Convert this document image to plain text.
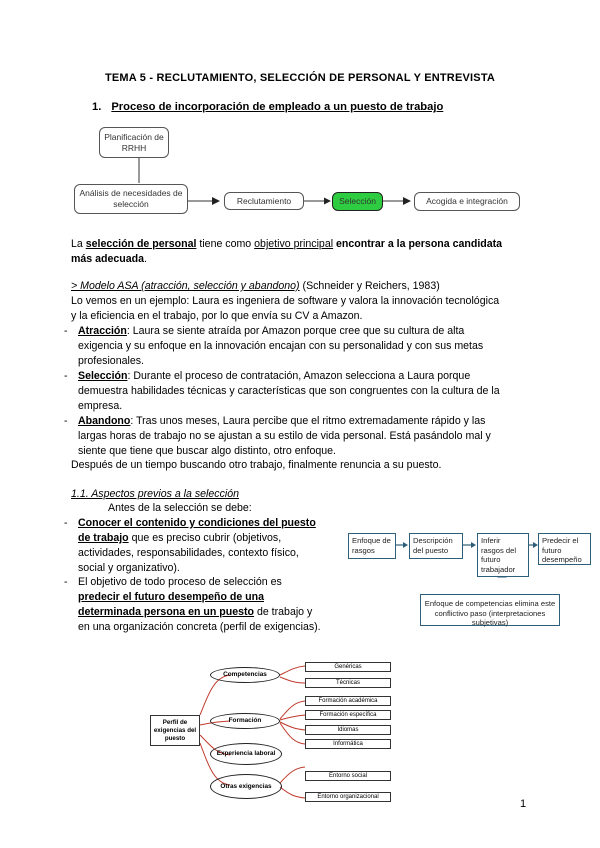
TEMA 5 - RECLUTAMIENTO, SELECCIÓN DE PERSONAL Y ENTREVISTA
1. Proceso de incorporación de empleado a un puesto de trabajo
Planificación de RRHH
Análisis de necesidades de selección	Reclutamiento	Selección	Acogida e integración
La selección de personal tiene como objetivo principal encontrar a la persona candidata
más adecuada.
> Modelo ASA (atracción, selección y abandono) (Schneider y Reichers, 1983)
Lo vemos en un ejemplo: Laura es ingeniera de software y valora la innovación tecnológica
y la eficiencia en el trabajo, por lo que envía su CV a Amazon.
- Atracción: Laura se siente atraída por Amazon porque cree que su cultura de alta
exigencia y su enfoque en la innovación encajan con su personalidad y con sus metas
profesionales.
- Selección: Durante el proceso de contratación, Amazon selecciona a Laura porque
demuestra habilidades técnicas y características que son congruentes con la cultura de la
empresa.
- Abandono: Tras unos meses, Laura percibe que el ritmo extremadamente rápido y las
largas horas de trabajo no se ajustan a su estilo de vida personal. Está pasándolo mal y
siente que tiene que buscar algo distinto, otro enfoque.
Después de un tiempo buscando otro trabajo, finalmente renuncia a su puesto.
1.1. Aspectos previos a la selección
Antes de la selección se debe:
- Conocer el contenido y condiciones del puesto
de trabajo que es preciso cubrir (objetivos,
actividades, responsabilidades, contexto físico,
social y organizativo).
- El objetivo de todo proceso de selección es
predecir el futuro desempeño de una
determinada persona en un puesto de trabajo y
en una organización concreta (perfil de exigencias).
Enfoque de rasgos
Descripción del puesto
Inferir rasgos del futuro trabajador
Predecir el futuro desempeño
Enfoque de competencias elimina este conflictivo paso (interpretaciones subjetivas)
Perfil de exigencias del puesto
Competencias
Formación
Experiencia laboral
Otras exigencias
Genéricas
Técnicas
Formación académica
Formación específica
Idiomas
Informática
Entorno social
Entorno organizacional
1
